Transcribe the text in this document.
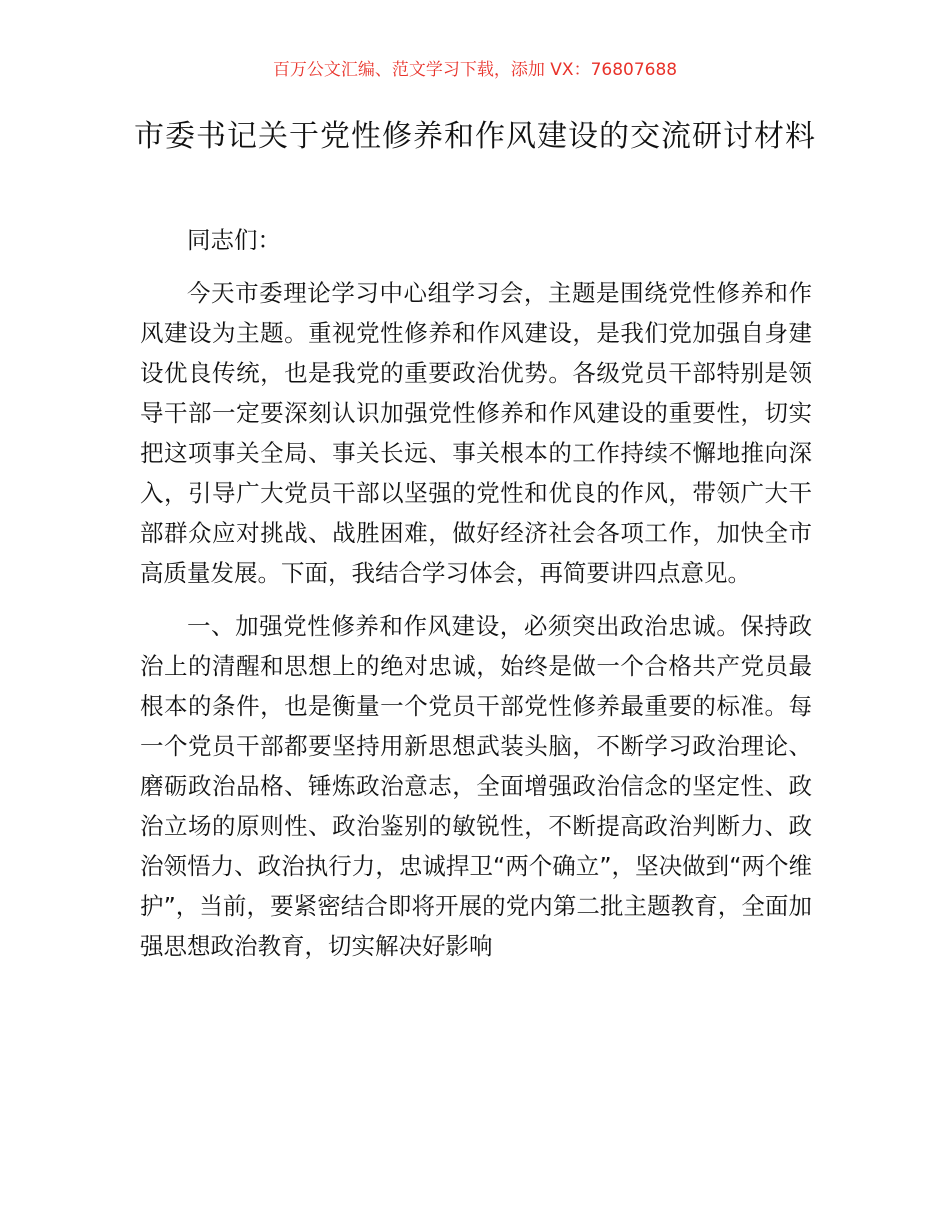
百万公文汇编、范文学习下载，添加 VX：76807688
市委书记关于党性修养和作风建设的交流研讨材料

同志们：

今天市委理论学习中心组学习会，主题是围绕党性修养和作风建设为主题。重视党性修养和作风建设，是我们党加强自身建设优良传统，也是我党的重要政治优势。各级党员干部特别是领导干部一定要深刻认识加强党性修养和作风建设的重要性，切实把这项事关全局、事关长远、事关根本的工作持续不懈地推向深入，引导广大党员干部以坚强的党性和优良的作风，带领广大干部群众应对挑战、战胜困难，做好经济社会各项工作，加快全市高质量发展。下面，我结合学习体会，再简要讲四点意见。

一、加强党性修养和作风建设，必须突出政治忠诚。保持政治上的清醒和思想上的绝对忠诚，始终是做一个合格共产党员最根本的条件，也是衡量一个党员干部党性修养最重要的标准。每一个党员干部都要坚持用新思想武装头脑，不断学习政治理论、磨砺政治品格、锤炼政治意志，全面增强政治信念的坚定性、政治立场的原则性、政治鉴别的敏锐性，不断提高政治判断力、政治领悟力、政治执行力，忠诚捍卫“两个确立”，坚决做到“两个维护”，当前，要紧密结合即将开展的党内第二批主题教育，全面加强思想政治教育，切实解决好影响
